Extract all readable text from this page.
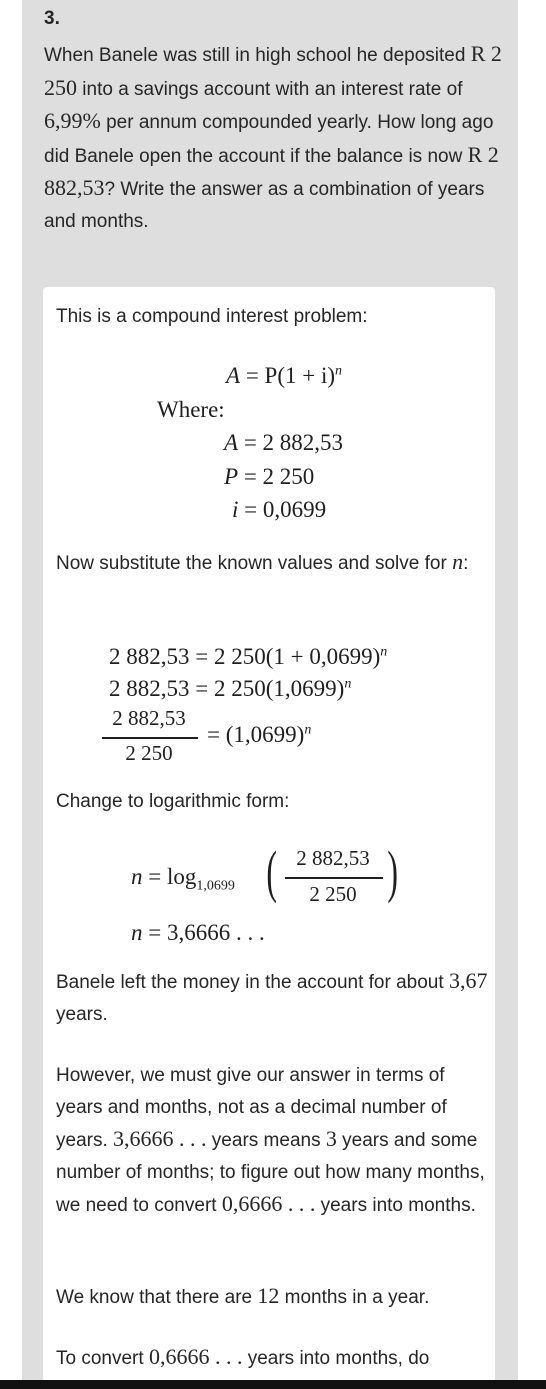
3.
When Banele was still in high school he deposited R 2 250 into a savings account with an interest rate of 6,99% per annum compounded yearly. How long ago did Banele open the account if the balance is now R 2 882,53? Write the answer as a combination of years and months.
This is a compound interest problem:
$A = P(1 + i)^n$
Where:
A = 2 882,53
P = 2 250
i = 0,0699
Now substitute the known values and solve for n:
2 882,53 = 2 $250(1 + 0,0699)^n$
2 882,53 = 2 $250(1,0699)^n$
2 882,53
2 250
= $(1,0699)^n$
Change to logarithmic form:
$n = \log_{1,0699}$ ( 2 882,53
2 250 )
n = 3,6666 . . .
Banele left the money in the account for about 3,67 years.
However, we must give our answer in terms of years and months, not as a decimal number of years. 3,6666 . . . years means 3 years and some number of months; to figure out how many months, we need to convert 0,6666 . . . years into months.
We know that there are 12 months in a year.
To convert 0,6666 . . . years into months, do
